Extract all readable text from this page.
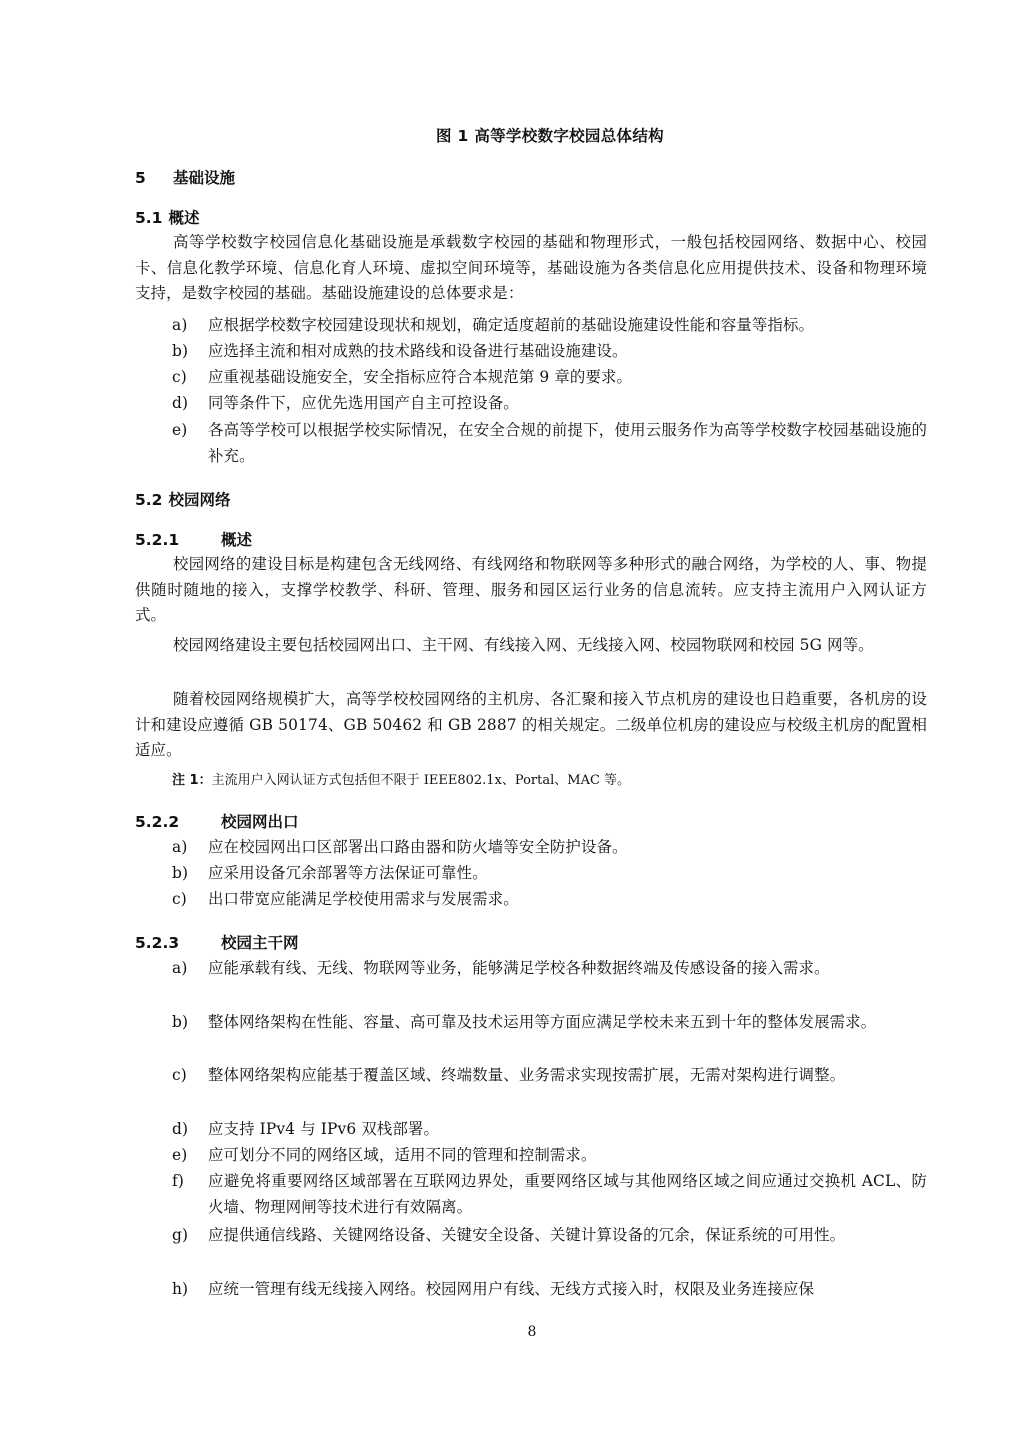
图 1 高等学校数字校园总体结构
5 基础设施
5.1 概述
高等学校数字校园信息化基础设施是承载数字校园的基础和物理形式，一般包括校园网络、数据中心、校园卡、信息化教学环境、信息化育人环境、虚拟空间环境等，基础设施为各类信息化应用提供技术、设备和物理环境支持，是数字校园的基础。基础设施建设的总体要求是：
a)	应根据学校数字校园建设现状和规划，确定适度超前的基础设施建设性能和容量等指标。
b)	应选择主流和相对成熟的技术路线和设备进行基础设施建设。
c)	应重视基础设施安全，安全指标应符合本规范第 9 章的要求。
d)	同等条件下，应优先选用国产自主可控设备。
e)	各高等学校可以根据学校实际情况，在安全合规的前提下，使用云服务作为高等学校数字校园基础设施的补充。
5.2 校园网络
5.2.1	概述
校园网络的建设目标是构建包含无线网络、有线网络和物联网等多种形式的融合网络，为学校的人、事、物提供随时随地的接入，支撑学校教学、科研、管理、服务和园区运行业务的信息流转。应支持主流用户入网认证方式。
校园网络建设主要包括校园网出口、主干网、有线接入网、无线接入网、校园物联网和校园 5G 网等。
随着校园网络规模扩大，高等学校校园网络的主机房、各汇聚和接入节点机房的建设也日趋重要，各机房的设计和建设应遵循 GB 50174、GB 50462 和 GB 2887 的相关规定。二级单位机房的建设应与校级主机房的配置相适应。
注 1：主流用户入网认证方式包括但不限于 IEEE802.1x、Portal、MAC 等。
5.2.2	校园网出口
a)	应在校园网出口区部署出口路由器和防火墙等安全防护设备。
b)	应采用设备冗余部署等方法保证可靠性。
c)	出口带宽应能满足学校使用需求与发展需求。
5.2.3	校园主干网
a)	应能承载有线、无线、物联网等业务，能够满足学校各种数据终端及传感设备的接入需求。
b)	整体网络架构在性能、容量、高可靠及技术运用等方面应满足学校未来五到十年的整体发展需求。
c)	整体网络架构应能基于覆盖区域、终端数量、业务需求实现按需扩展，无需对架构进行调整。
d)	应支持 IPv4 与 IPv6 双栈部署。
e)	应可划分不同的网络区域，适用不同的管理和控制需求。
f)	应避免将重要网络区域部署在互联网边界处，重要网络区域与其他网络区域之间应通过交换机 ACL、防火墙、物理网闸等技术进行有效隔离。
g)	应提供通信线路、关键网络设备、关键安全设备、关键计算设备的冗余，保证系统的可用性。
h)	应统一管理有线无线接入网络。校园网用户有线、无线方式接入时，权限及业务连接应保
8
